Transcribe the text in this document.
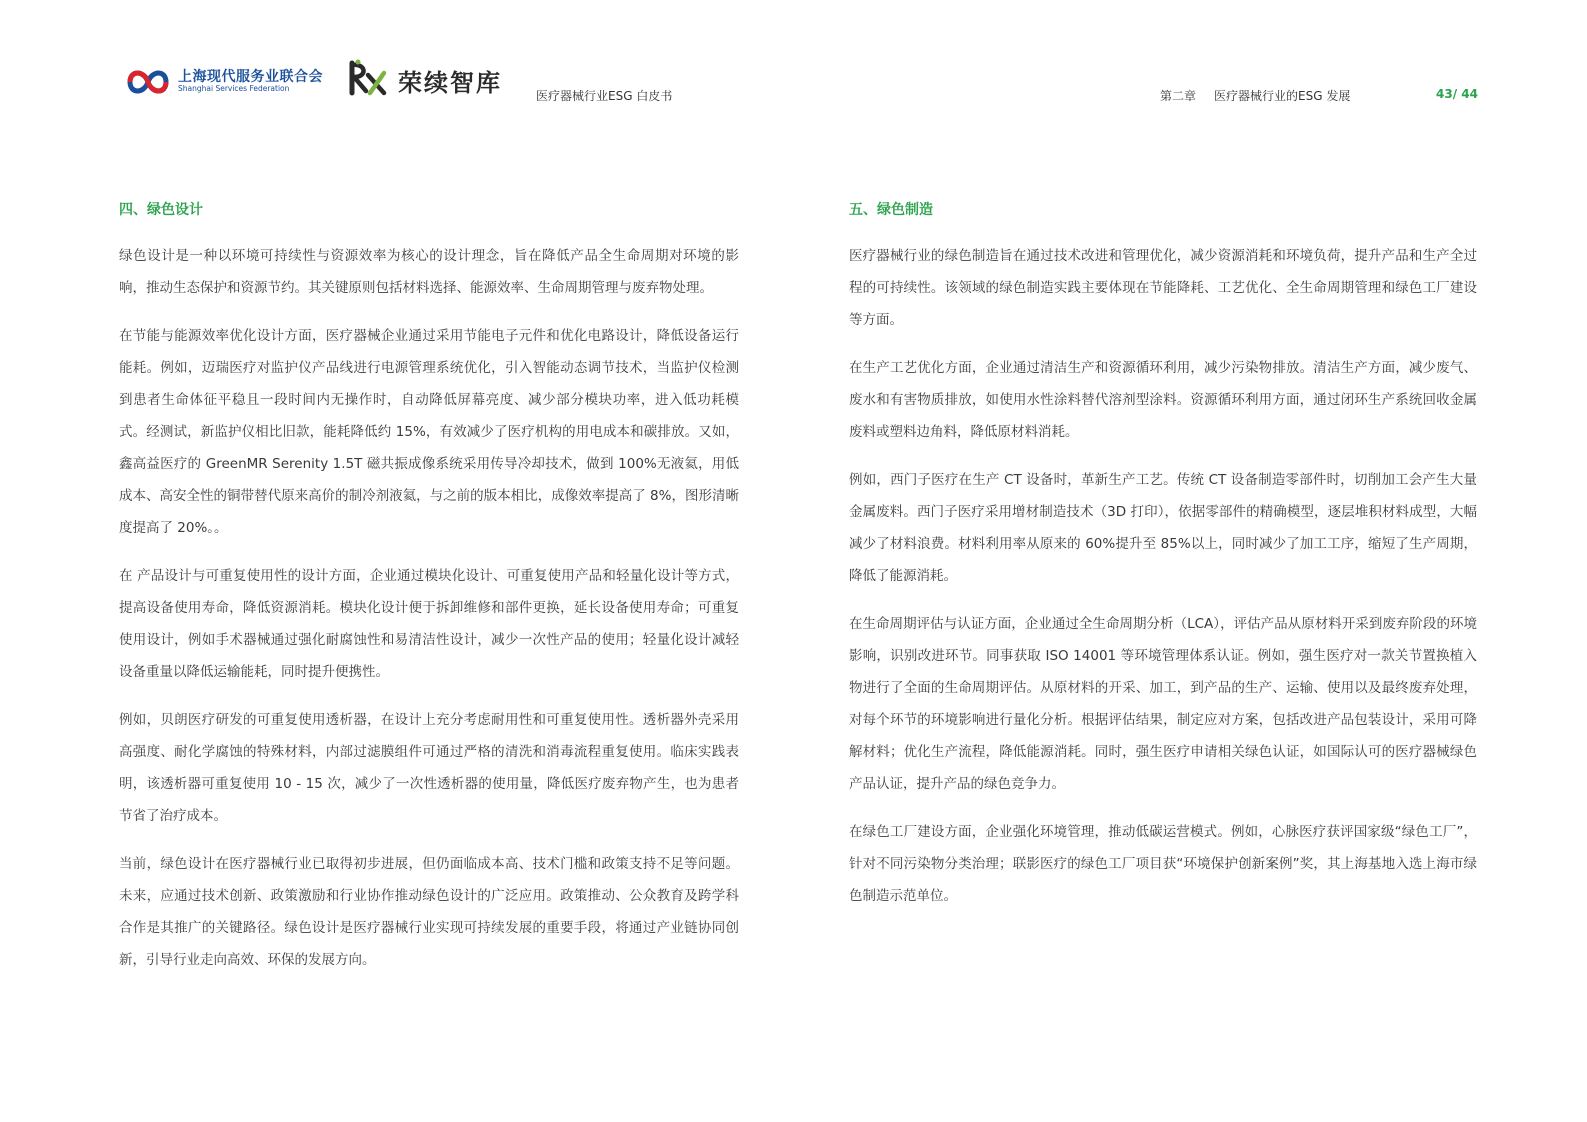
上海现代服务业联合会
Shanghai Services Federation	荣续智库	医疗器械行业ESG 白皮书	第二章 医疗器械行业的ESG 发展	43/ 44
四、绿色设计

绿色设计是一种以环境可持续性与资源效率为核心的设计理念，旨在降低产品全生命周期对环境的影响，推动生态保护和资源节约。其关键原则包括材料选择、能源效率、生命周期管理与废弃物处理。

在节能与能源效率优化设计方面，医疗器械企业通过采用节能电子元件和优化电路设计，降低设备运行能耗。例如，迈瑞医疗对监护仪产品线进行电源管理系统优化，引入智能动态调节技术，当监护仪检测到患者生命体征平稳且一段时间内无操作时，自动降低屏幕亮度、减少部分模块功率，进入低功耗模式。经测试，新监护仪相比旧款，能耗降低约 15%，有效减少了医疗机构的用电成本和碳排放。又如，鑫高益医疗的 GreenMR Serenity 1.5T 磁共振成像系统采用传导冷却技术，做到 100%无液氦，用低成本、高安全性的铜带替代原来高价的制冷剂液氦，与之前的版本相比，成像效率提高了 8%，图形清晰度提高了 20%。。

在 产品设计与可重复使用性的设计方面，企业通过模块化设计、可重复使用产品和轻量化设计等方式，提高设备使用寿命，降低资源消耗。模块化设计便于拆卸维修和部件更换，延长设备使用寿命；可重复使用设计，例如手术器械通过强化耐腐蚀性和易清洁性设计，减少一次性产品的使用；轻量化设计减轻设备重量以降低运输能耗，同时提升便携性。

例如，贝朗医疗研发的可重复使用透析器，在设计上充分考虑耐用性和可重复使用性。透析器外壳采用高强度、耐化学腐蚀的特殊材料，内部过滤膜组件可通过严格的清洗和消毒流程重复使用。临床实践表明，该透析器可重复使用 10 - 15 次，减少了一次性透析器的使用量，降低医疗废弃物产生，也为患者节省了治疗成本。

当前，绿色设计在医疗器械行业已取得初步进展，但仍面临成本高、技术门槛和政策支持不足等问题。未来，应通过技术创新、政策激励和行业协作推动绿色设计的广泛应用。政策推动、公众教育及跨学科合作是其推广的关键路径。绿色设计是医疗器械行业实现可持续发展的重要手段，将通过产业链协同创新，引导行业走向高效、环保的发展方向。

五、绿色制造

医疗器械行业的绿色制造旨在通过技术改进和管理优化，减少资源消耗和环境负荷，提升产品和生产全过程的可持续性。该领域的绿色制造实践主要体现在节能降耗、工艺优化、全生命周期管理和绿色工厂建设等方面。

在生产工艺优化方面，企业通过清洁生产和资源循环利用，减少污染物排放。清洁生产方面，减少废气、废水和有害物质排放，如使用水性涂料替代溶剂型涂料。资源循环利用方面，通过闭环生产系统回收金属废料或塑料边角料，降低原材料消耗。

例如，西门子医疗在生产 CT 设备时，革新生产工艺。传统 CT 设备制造零部件时，切削加工会产生大量金属废料。西门子医疗采用增材制造技术（3D 打印），依据零部件的精确模型，逐层堆积材料成型，大幅减少了材料浪费。材料利用率从原来的 60%提升至 85%以上，同时减少了加工工序，缩短了生产周期，降低了能源消耗。

在生命周期评估与认证方面，企业通过全生命周期分析（LCA），评估产品从原材料开采到废弃阶段的环境影响，识别改进环节。同事获取 ISO 14001 等环境管理体系认证。例如，强生医疗对一款关节置换植入物进行了全面的生命周期评估。从原材料的开采、加工，到产品的生产、运输、使用以及最终废弃处理，对每个环节的环境影响进行量化分析。根据评估结果，制定应对方案，包括改进产品包装设计，采用可降解材料；优化生产流程，降低能源消耗。同时，强生医疗申请相关绿色认证，如国际认可的医疗器械绿色产品认证，提升产品的绿色竞争力。

在绿色工厂建设方面，企业强化环境管理，推动低碳运营模式。例如，心脉医疗获评国家级“绿色工厂”，针对不同污染物分类治理；联影医疗的绿色工厂项目获“环境保护创新案例”奖，其上海基地入选上海市绿色制造示范单位。
